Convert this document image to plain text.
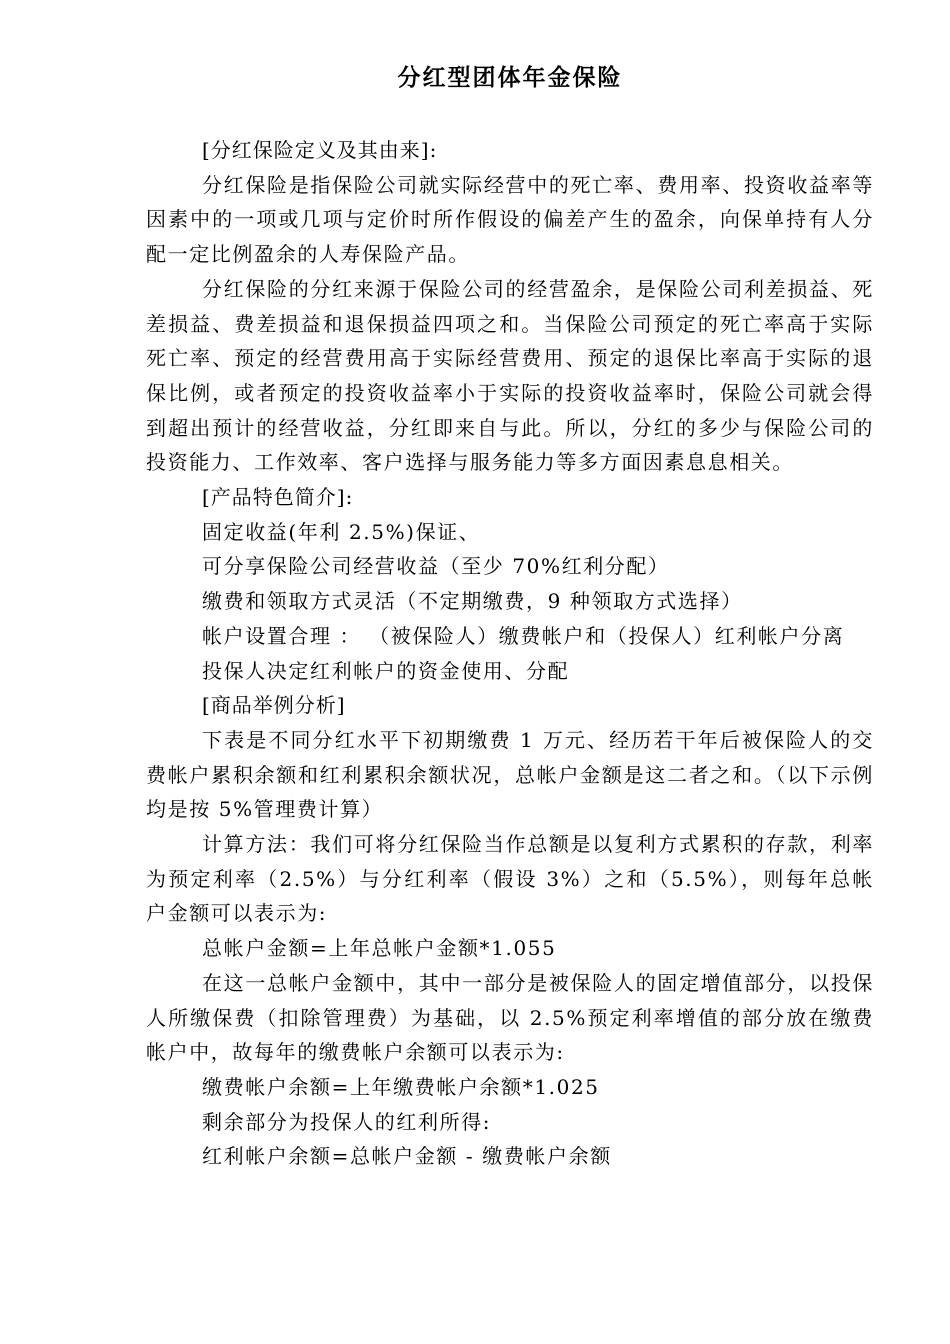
分红型团体年金保险

[分红保险定义及其由来]:

分红保险是指保险公司就实际经营中的死亡率、费用率、投资收益率等因素中的一项或几项与定价时所作假设的偏差产生的盈余，向保单持有人分配一定比例盈余的人寿保险产品。

分红保险的分红来源于保险公司的经营盈余，是保险公司利差损益、死差损益、费差损益和退保损益四项之和。当保险公司预定的死亡率高于实际死亡率、预定的经营费用高于实际经营费用、预定的退保比率高于实际的退保比例，或者预定的投资收益率小于实际的投资收益率时，保险公司就会得到超出预计的经营收益，分红即来自与此。所以，分红的多少与保险公司的投资能力、工作效率、客户选择与服务能力等多方面因素息息相关。

[产品特色简介]:

固定收益(年利 2.5%)保证、

可分享保险公司经营收益（至少 70%红利分配）

缴费和领取方式灵活（不定期缴费，9 种领取方式选择）

帐户设置合理 ： （被保险人）缴费帐户和（投保人）红利帐户分离

投保人决定红利帐户的资金使用、分配

[商品举例分析]

下表是不同分红水平下初期缴费 1 万元、经历若干年后被保险人的交费帐户累积余额和红利累积余额状况，总帐户金额是这二者之和。（以下示例均是按 5%管理费计算）

计算方法：我们可将分红保险当作总额是以复利方式累积的存款，利率为预定利率（2.5%）与分红利率（假设 3%）之和（5.5%），则每年总帐户金额可以表示为:

总帐户金额=上年总帐户金额*1.055

在这一总帐户金额中，其中一部分是被保险人的固定增值部分，以投保人所缴保费（扣除管理费）为基础，以 2.5%预定利率增值的部分放在缴费帐户中，故每年的缴费帐户余额可以表示为:

缴费帐户余额=上年缴费帐户余额*1.025

剩余部分为投保人的红利所得:

红利帐户余额=总帐户金额 - 缴费帐户余额
